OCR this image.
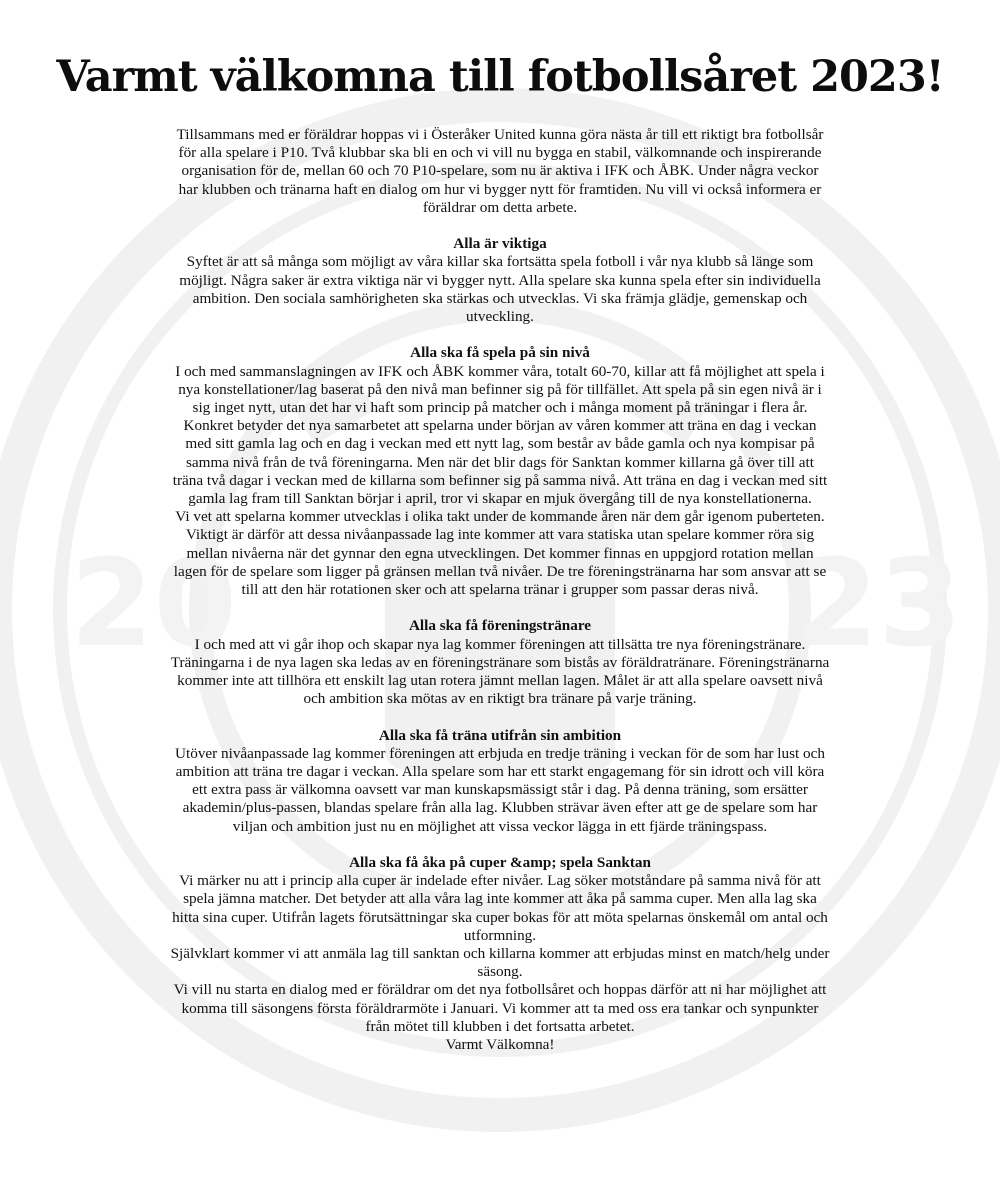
20	23
Varmt välkomna till fotbollsåret 2023!

Tillsammans med er föräldrar hoppas vi i Österåker United kunna göra nästa år till ett riktigt bra fotbollsår för alla spelare i P10. Två klubbar ska bli en och vi vill nu bygga en stabil, välkomnande och inspirerande organisation för de, mellan 60 och 70 P10-spelare, som nu är aktiva i IFK och ÅBK. Under några veckor har klubben och tränarna haft en dialog om hur vi bygger nytt för framtiden. Nu vill vi också informera er föräldrar om detta arbete.

Alla är viktiga

Syftet är att så många som möjligt av våra killar ska fortsätta spela fotboll i vår nya klubb så länge som möjligt. Några saker är extra viktiga när vi bygger nytt. Alla spelare ska kunna spela efter sin individuella ambition. Den sociala samhörigheten ska stärkas och utvecklas. Vi ska främja glädje, gemenskap och utveckling.

Alla ska få spela på sin nivå

I och med sammanslagningen av IFK och ÅBK kommer våra, totalt 60-70, killar att få möjlighet att spela i nya konstellationer/lag baserat på den nivå man befinner sig på för tillfället. Att spela på sin egen nivå är i sig inget nytt, utan det har vi haft som princip på matcher och i många moment på träningar i flera år. Konkret betyder det nya samarbetet att spelarna under början av våren kommer att träna en dag i veckan med sitt gamla lag och en dag i veckan med ett nytt lag, som består av både gamla och nya kompisar på samma nivå från de två föreningarna. Men när det blir dags för Sanktan kommer killarna gå över till att träna två dagar i veckan med de killarna som befinner sig på samma nivå. Att träna en dag i veckan med sitt gamla lag fram till Sanktan börjar i april, tror vi skapar en mjuk övergång till de nya konstellationerna.

Vi vet att spelarna kommer utvecklas i olika takt under de kommande åren när dem går igenom puberteten. Viktigt är därför att dessa nivåanpassade lag inte kommer att vara statiska utan spelare kommer röra sig mellan nivåerna när det gynnar den egna utvecklingen. Det kommer finnas en uppgjord rotation mellan lagen för de spelare som ligger på gränsen mellan två nivåer. De tre föreningstränarna har som ansvar att se till att den här rotationen sker och att spelarna tränar i grupper som passar deras nivå.

Alla ska få föreningstränare

I och med att vi går ihop och skapar nya lag kommer föreningen att tillsätta tre nya föreningstränare. Träningarna i de nya lagen ska ledas av en föreningstränare som bistås av föräldratränare. Föreningstränarna kommer inte att tillhöra ett enskilt lag utan rotera jämnt mellan lagen. Målet är att alla spelare oavsett nivå och ambition ska mötas av en riktigt bra tränare på varje träning.

Alla ska få träna utifrån sin ambition

Utöver nivåanpassade lag kommer föreningen att erbjuda en tredje träning i veckan för de som har lust och ambition att träna tre dagar i veckan. Alla spelare som har ett starkt engagemang för sin idrott och vill köra ett extra pass är välkomna oavsett var man kunskapsmässigt står i dag. På denna träning, som ersätter akademin/plus-passen, blandas spelare från alla lag. Klubben strävar även efter att ge de spelare som har viljan och ambition just nu en möjlighet att vissa veckor lägga in ett fjärde träningspass.

Alla ska få åka på cuper &amp; spela Sanktan

Vi märker nu att i princip alla cuper är indelade efter nivåer. Lag söker motståndare på samma nivå för att spela jämna matcher. Det betyder att alla våra lag inte kommer att åka på samma cuper. Men alla lag ska hitta sina cuper. Utifrån lagets förutsättningar ska cuper bokas för att möta spelarnas önskemål om antal och utformning.

Självklart kommer vi att anmäla lag till sanktan och killarna kommer att erbjudas minst en match/helg under säsong.

Vi vill nu starta en dialog med er föräldrar om det nya fotbollsåret och hoppas därför att ni har möjlighet att komma till säsongens första föräldrarmöte i Januari. Vi kommer att ta med oss era tankar och synpunkter från mötet till klubben i det fortsatta arbetet.

Varmt Välkomna!
